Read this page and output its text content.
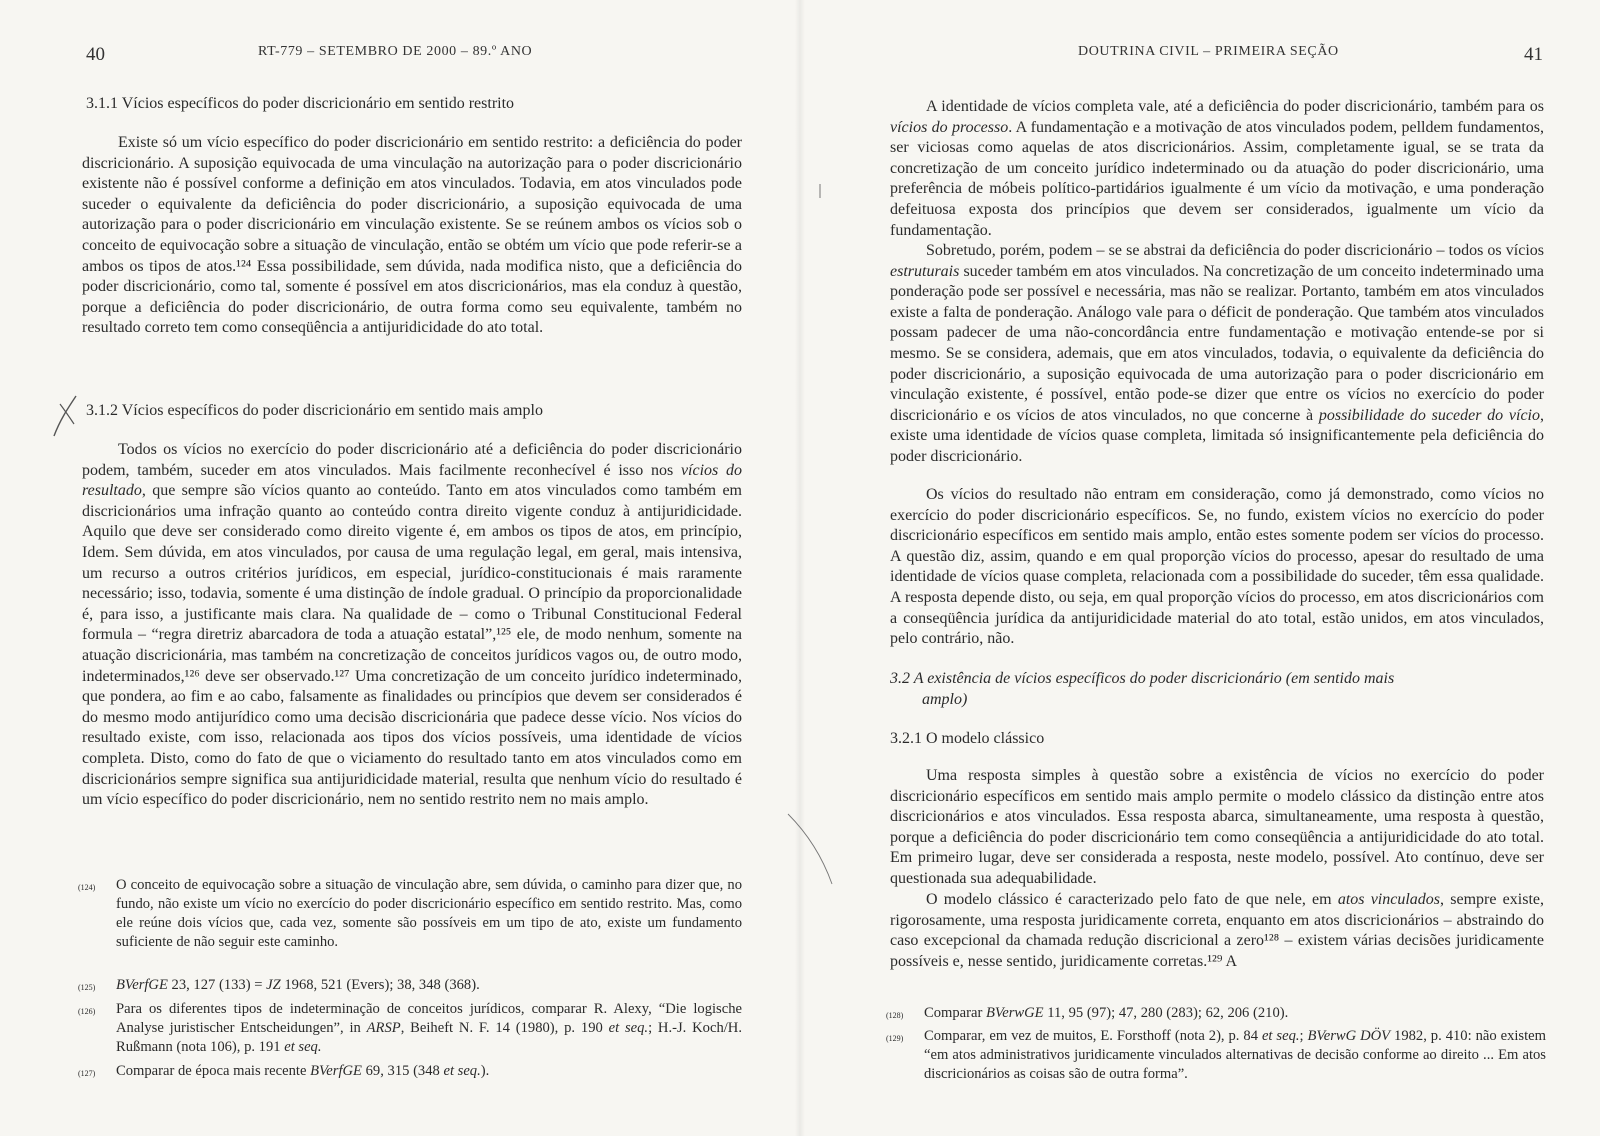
40	RT-779 – SETEMBRO DE 2000 – 89.º ANO
3.1.1 Vícios específicos do poder discricionário em sentido restrito

Existe só um vício específico do poder discricionário em sentido restrito: a deficiência do poder discricionário. A suposição equivocada de uma vinculação na autorização para o poder discricionário existente não é possível conforme a definição em atos vinculados. Todavia, em atos vinculados pode suceder o equivalente da deficiência do poder discricionário, a suposição equivocada de uma autorização para o poder discricionário em vinculação existente. Se se reúnem ambos os vícios sob o conceito de equivocação sobre a situação de vinculação, então se obtém um vício que pode referir-se a ambos os tipos de atos.¹²⁴ Essa possibilidade, sem dúvida, nada modifica nisto, que a deficiência do poder discricionário, como tal, somente é possível em atos discricionários, mas ela conduz à questão, porque a deficiência do poder discricionário, de outra forma como seu equivalente, também no resultado correto tem como conseqüência a antijuridicidade do ato total.

3.1.2 Vícios específicos do poder discricionário em sentido mais amplo

Todos os vícios no exercício do poder discricionário até a deficiência do poder discricionário podem, também, suceder em atos vinculados. Mais facilmente reconhecível é isso nos vícios do resultado, que sempre são vícios quanto ao conteúdo. Tanto em atos vinculados como também em discricionários uma infração quanto ao conteúdo contra direito vigente conduz à antijuridicidade. Aquilo que deve ser considerado como direito vigente é, em ambos os tipos de atos, em princípio, Idem. Sem dúvida, em atos vinculados, por causa de uma regulação legal, em geral, mais intensiva, um recurso a outros critérios jurídicos, em especial, jurídico-constitucionais é mais raramente necessário; isso, todavia, somente é uma distinção de índole gradual. O princípio da proporcionalidade é, para isso, a justificante mais clara. Na qualidade de – como o Tribunal Constitucional Federal formula – “regra diretriz abarcadora de toda a atuação estatal”,¹²⁵ ele, de modo nenhum, somente na atuação discricionária, mas também na concretização de conceitos jurídicos vagos ou, de outro modo, indeterminados,¹²⁶ deve ser observado.¹²⁷ Uma concretização de um conceito jurídico indeterminado, que pondera, ao fim e ao cabo, falsamente as finalidades ou princípios que devem ser considerados é do mesmo modo antijurídico como uma decisão discricionária que padece desse vício. Nos vícios do resultado existe, com isso, relacionada aos tipos dos vícios possíveis, uma identidade de vícios completa. Disto, como do fato de que o viciamento do resultado tanto em atos vinculados como em discricionários sempre significa sua antijuridicidade material, resulta que nenhum vício do resultado é um vício específico do poder discricionário, nem no sentido restrito nem no mais amplo.

(124) O conceito de equivocação sobre a situação de vinculação abre, sem dúvida, o caminho para dizer que, no fundo, não existe um vício no exercício do poder discricionário específico em sentido restrito. Mas, como ele reúne dois vícios que, cada vez, somente são possíveis em um tipo de ato, existe um fundamento suficiente de não seguir este caminho.
(125) BVerfGE 23, 127 (133) = JZ 1968, 521 (Evers); 38, 348 (368).
(126) Para os diferentes tipos de indeterminação de conceitos jurídicos, comparar R. Alexy, “Die logische Analyse juristischer Entscheidungen”, in ARSP, Beiheft N. F. 14 (1980), p. 190 et seq.; H.-J. Koch/H. Rußmann (nota 106), p. 191 et seq.
(127) Comparar de época mais recente BVerfGE 69, 315 (348 et seq.).
DOUTRINA CIVIL – PRIMEIRA SEÇÃO	41

A identidade de vícios completa vale, até a deficiência do poder discricionário, também para os vícios do processo. A fundamentação e a motivação de atos vinculados podem, pelldem fundamentos, ser viciosas como aquelas de atos discricionários. Assim, completamente igual, se se trata da concretização de um conceito jurídico indeterminado ou da atuação do poder discricionário, uma preferência de móbeis político-partidários igualmente é um vício da motivação, e uma ponderação defeituosa exposta dos princípios que devem ser considerados, igualmente um vício da fundamentação.

Sobretudo, porém, podem – se se abstrai da deficiência do poder discricionário – todos os vícios estruturais suceder também em atos vinculados. Na concretização de um conceito indeterminado uma ponderação pode ser possível e necessária, mas não se realizar. Portanto, também em atos vinculados existe a falta de ponderação. Análogo vale para o déficit de ponderação. Que também atos vinculados possam padecer de uma não-concordância entre fundamentação e motivação entende-se por si mesmo. Se se considera, ademais, que em atos vinculados, todavia, o equivalente da deficiência do poder discricionário, a suposição equivocada de uma autorização para o poder discricionário em vinculação existente, é possível, então pode-se dizer que entre os vícios no exercício do poder discricionário e os vícios de atos vinculados, no que concerne à possibilidade do suceder do vício, existe uma identidade de vícios quase completa, limitada só insignificantemente pela deficiência do poder discricionário.

Os vícios do resultado não entram em consideração, como já demonstrado, como vícios no exercício do poder discricionário específicos. Se, no fundo, existem vícios no exercício do poder discricionário específicos em sentido mais amplo, então estes somente podem ser vícios do processo. A questão diz, assim, quando e em qual proporção vícios do processo, apesar do resultado de uma identidade de vícios quase completa, relacionada com a possibilidade do suceder, têm essa qualidade. A resposta depende disto, ou seja, em qual proporção vícios do processo, em atos discricionários com a conseqüência jurídica da antijuridicidade material do ato total, estão unidos, em atos vinculados, pelo contrário, não.

3.2 A existência de vícios específicos do poder discricionário (em sentido mais
amplo)
3.2.1 O modelo clássico

Uma resposta simples à questão sobre a existência de vícios no exercício do poder discricionário específicos em sentido mais amplo permite o modelo clássico da distinção entre atos discricionários e atos vinculados. Essa resposta abarca, simultaneamente, uma resposta à questão, porque a deficiência do poder discricionário tem como conseqüência a antijuridicidade do ato total. Em primeiro lugar, deve ser considerada a resposta, neste modelo, possível. Ato contínuo, deve ser questionada sua adequabilidade.

O modelo clássico é caracterizado pelo fato de que nele, em atos vinculados, sempre existe, rigorosamente, uma resposta juridicamente correta, enquanto em atos discricionários – abstraindo do caso excepcional da chamada redução discricional a zero¹²⁸ – existem várias decisões juridicamente possíveis e, nesse sentido, juridicamente corretas.¹²⁹ A

(128) Comparar BVerwGE 11, 95 (97); 47, 280 (283); 62, 206 (210).
(129) Comparar, em vez de muitos, E. Forsthoff (nota 2), p. 84 et seq.; BVerwG DÖV 1982, p. 410: não existem “em atos administrativos juridicamente vinculados alternativas de decisão conforme ao direito ... Em atos discricionários as coisas são de outra forma”.
